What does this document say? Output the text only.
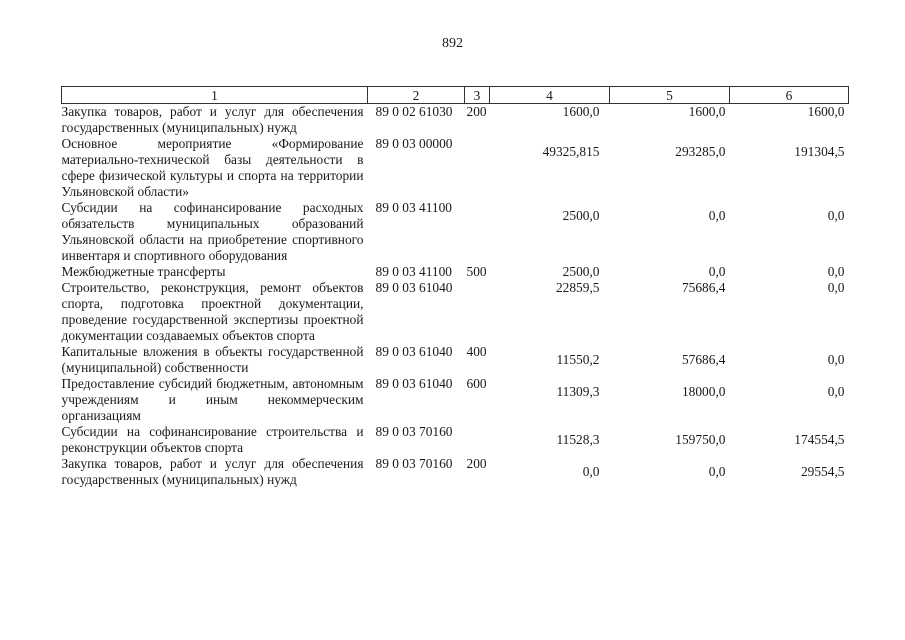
892
1	2	3	4	5	6
Закупка товаров, работ и услуг для обеспечения государственных (муниципальных) нужд	89 0 02 61030	200	1600,0	1600,0	1600,0
Основное мероприятие «Формирование материально-технической базы деятельности в сфере физической культуры и спорта на территории Ульяновской области»	89 0 03 00000		49325,815	293285,0	191304,5
Субсидии на софинансирование расходных обязательств муниципальных образований Ульяновской области на приобретение спортивного инвентаря и спортивного оборудования	89 0 03 41100		2500,0	0,0	0,0
Межбюджетные трансферты	89 0 03 41100	500	2500,0	0,0	0,0
Строительство, реконструкция, ремонт объектов спорта, подготовка проектной документации, проведение государственной экспертизы проектной документации создаваемых объектов спорта	89 0 03 61040		22859,5	75686,4	0,0
Капитальные вложения в объекты государственной (муниципальной) собственности	89 0 03 61040	400	11550,2	57686,4	0,0
Предоставление субсидий бюджетным, автономным учреждениям и иным некоммерческим организациям	89 0 03 61040	600	11309,3	18000,0	0,0
Субсидии на софинансирование строительства и реконструкции объектов спорта	89 0 03 70160		11528,3	159750,0	174554,5
Закупка товаров, работ и услуг для обеспечения государственных (муниципальных) нужд	89 0 03 70160	200	0,0	0,0	29554,5
